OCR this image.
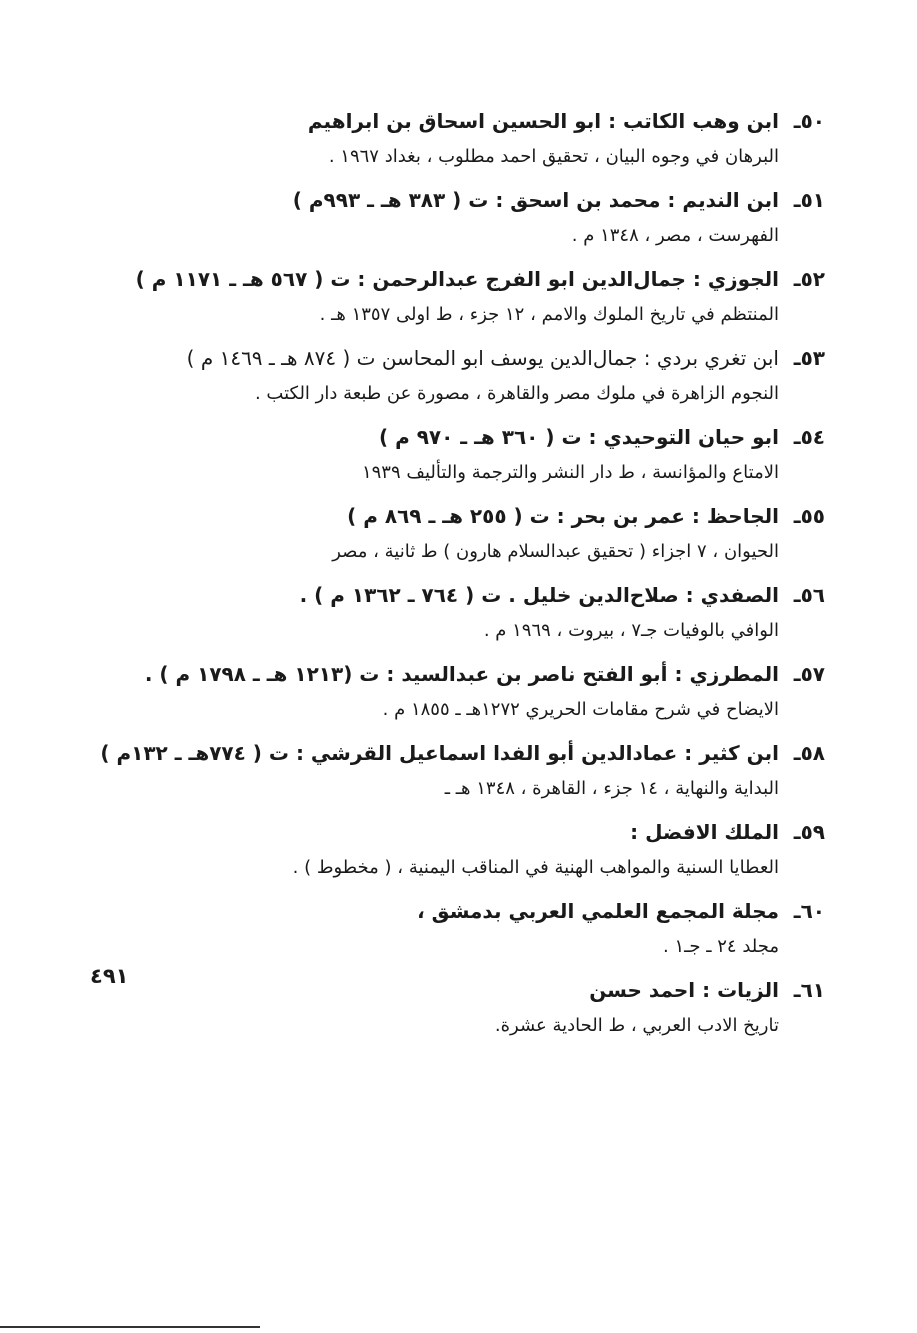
٥٠ـ
ابن وهب الكاتب : ابو الحسين اسحاق بن ابراهيم
البرهان في وجوه البيان ، تحقيق احمد مطلوب ، بغداد ١٩٦٧ .
٥١ـ
ابن النديم : محمد بن اسحق : ت ( ٣٨٣ هـ ـ ٩٩٣م )
الفهرست ، مصر ، ١٣٤٨ م .
٥٢ـ
الجوزي : جمال‌الدين ابو الفرج عبدالرحمن : ت ( ٥٦٧ هـ ـ ١١٧١ م )
المنتظم في تاريخ الملوك والامم ، ١٢ جزء ، ط اولى ١٣٥٧ هـ .
٥٣ـ
ابن تغري بردي : جمال‌الدين يوسف ابو المحاسن ت ( ٨٧٤ هـ ـ ١٤٦٩ م )
النجوم الزاهرة في ملوك مصر والقاهرة ، مصورة عن طبعة دار الكتب .
٥٤ـ
ابو حيان التوحيدي : ت ( ٣٦٠ هـ ـ ٩٧٠ م )
الامتاع والمؤانسة ، ط دار النشر والترجمة والتأليف ١٩٣٩
٥٥ـ
الجاحظ : عمر بن بحر : ت ( ٢٥٥ هـ ـ ٨٦٩ م )
الحيوان ، ٧ اجزاء ( تحقيق عبدالسلام هارون ) ط ثانية ، مصر
٥٦ـ
الصفدي : صلاح‌الدين خليل . ت ( ٧٦٤ ـ ١٣٦٢ م ) .
الوافي بالوفيات جـ٧ ، بيروت ، ١٩٦٩ م .
٥٧ـ
المطرزي : أبو الفتح ناصر بن عبدالسيد : ت (١٢١٣ هـ ـ ١٧٩٨ م ) .
الايضاح في شرح مقامات الحريري ١٢٧٢هـ ـ ١٨٥٥ م .
٥٨ـ
ابن كثير : عمادالدين أبو الفدا اسماعيل القرشي : ت ( ٧٧٤هـ ـ ١٣٢م )
البداية والنهاية ، ١٤ جزء ، القاهرة ، ١٣٤٨ هـ ـ
٥٩ـ
الملك الافضل :
العطايا السنية والمواهب الهنية في المناقب اليمنية ، ( مخطوط ) .
٦٠ـ
مجلة المجمع العلمي العربي بدمشق ،
مجلد ٢٤ ـ جـ١ .
٦١ـ
الزيات : احمد حسن
تاريخ الادب العربي ، ط الحادية عشرة.
٤٩١
